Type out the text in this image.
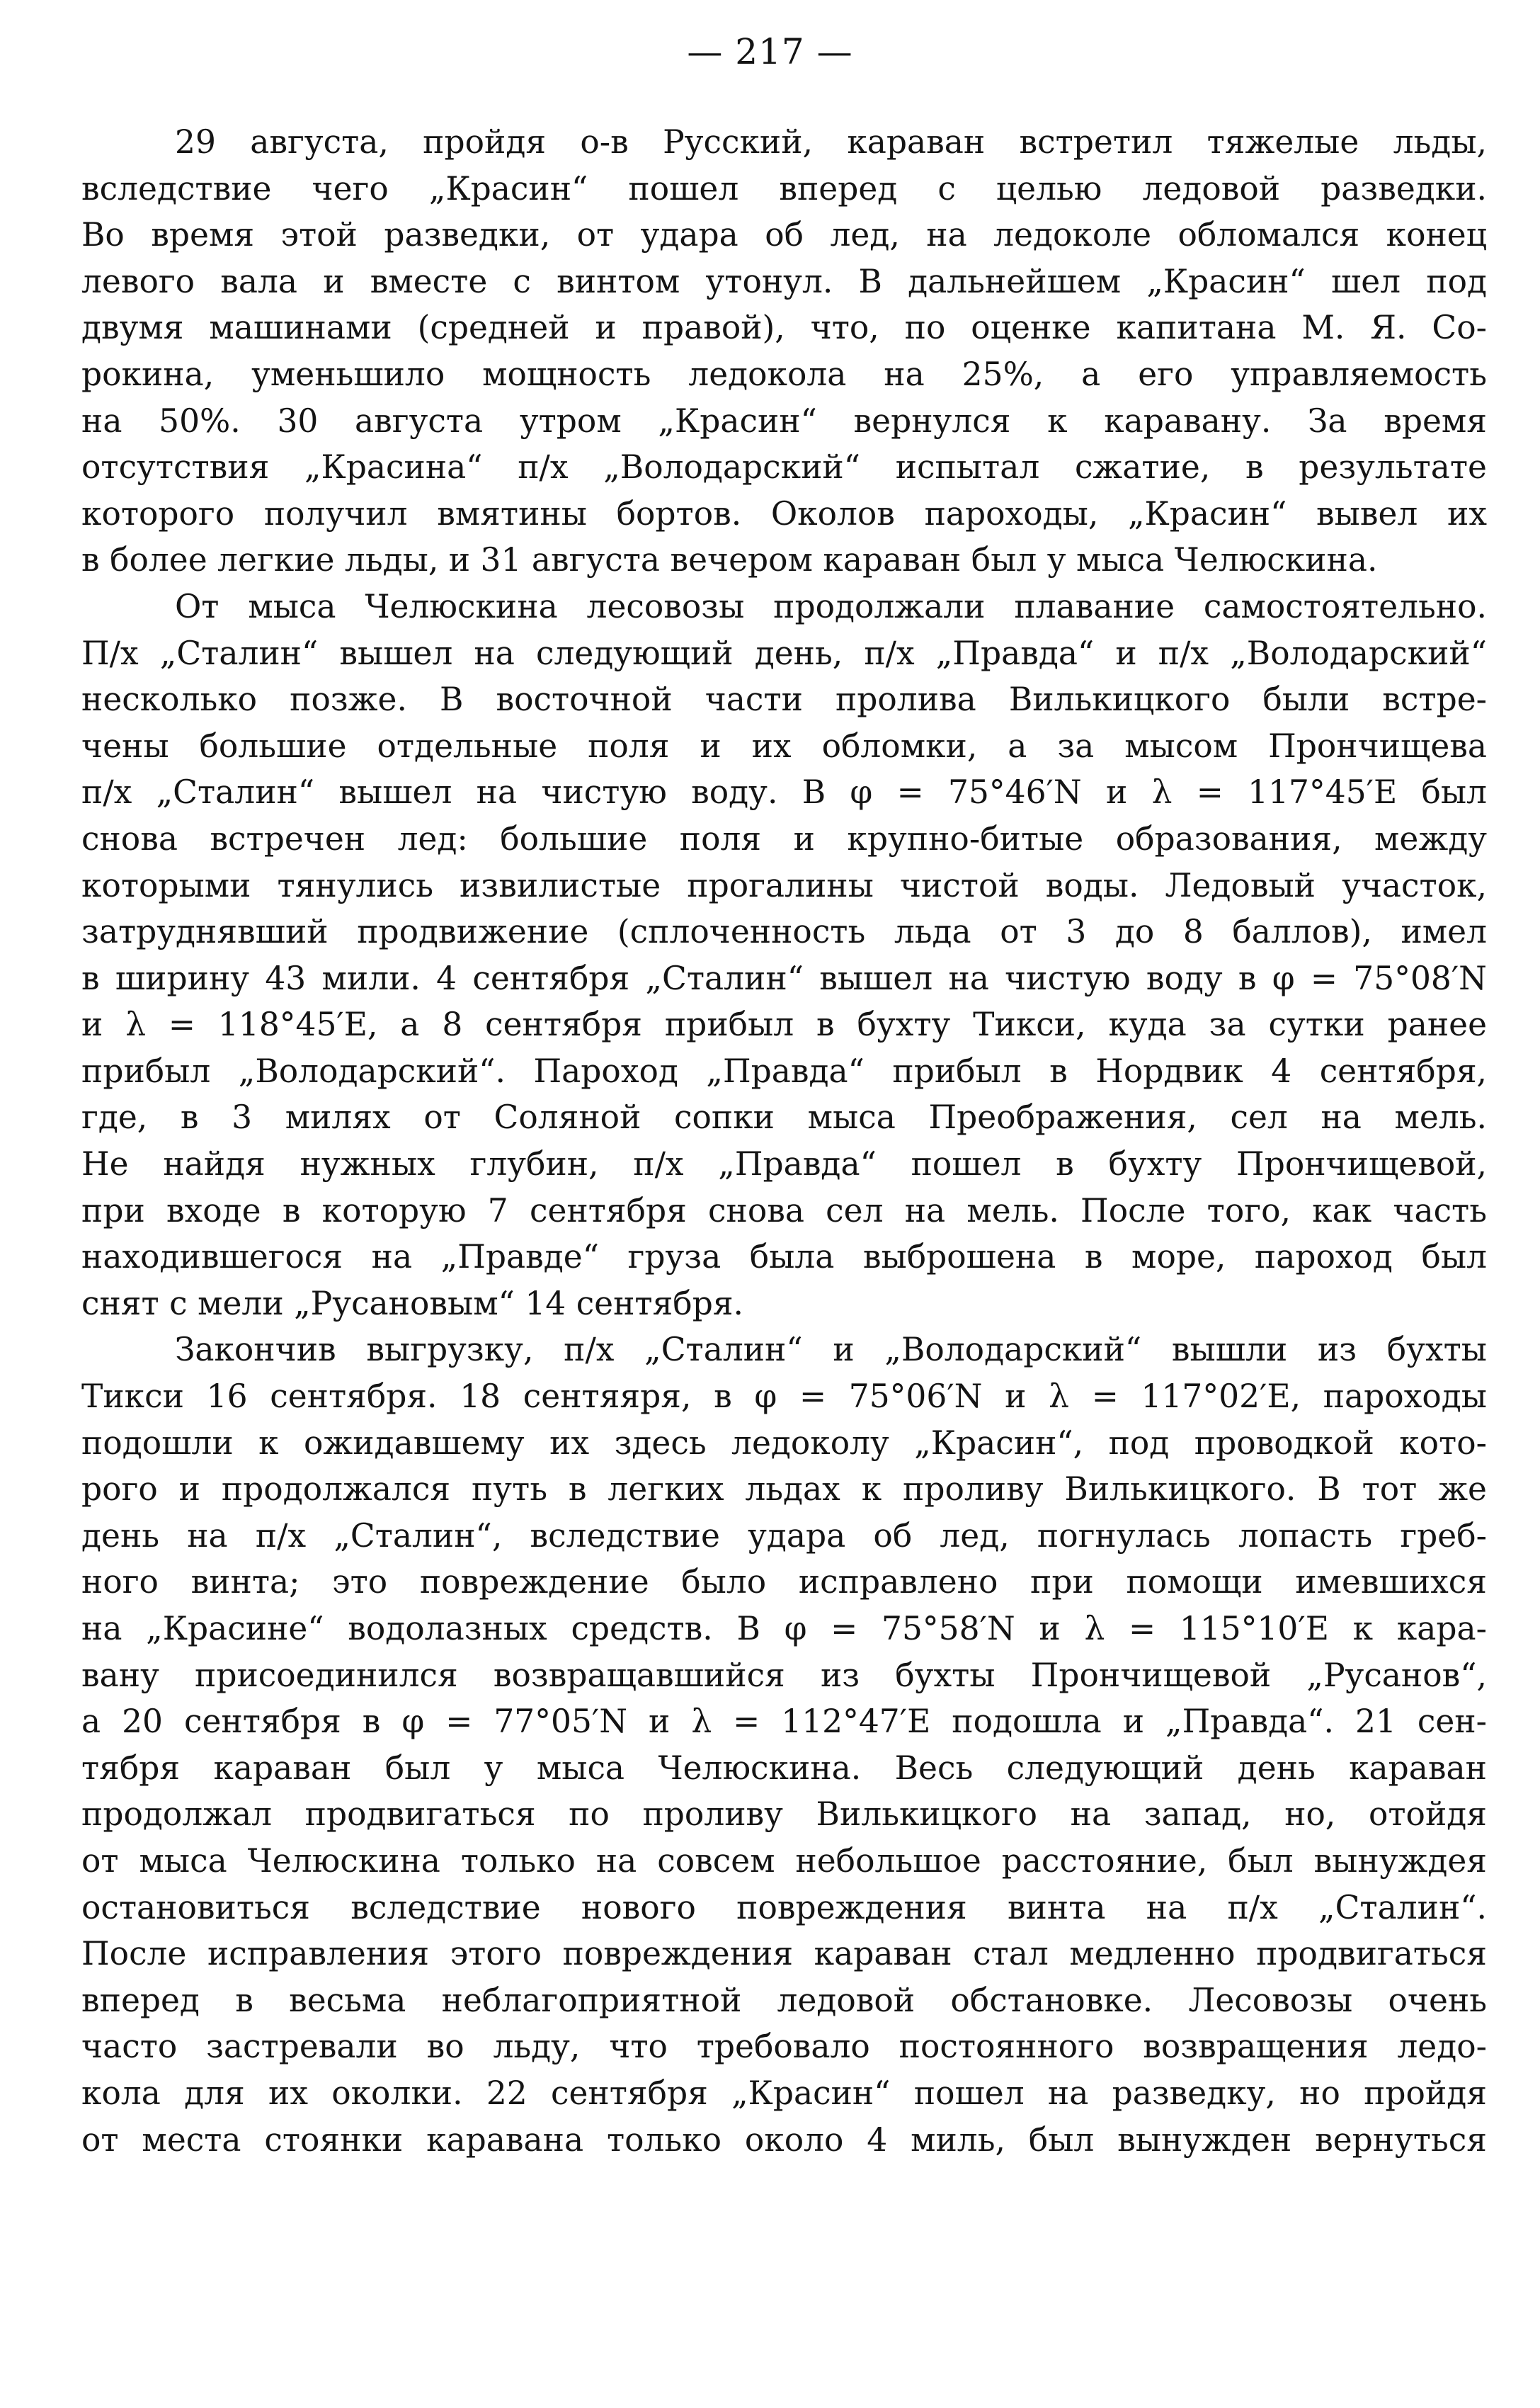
— 217 —
29 августа, пройдя о-в Русский, караван встретил тяжелые льды,
вследствие чего „Красин“ пошел вперед с целью ледовой разведки.
Во время этой разведки, от удара об лед, на ледоколе обломался конец
левого вала и вместе с винтом утонул. В дальнейшем „Красин“ шел под
двумя машинами (средней и правой), что, по оценке капитана М. Я. Со-
рокина, уменьшило мощность ледокола на 25%, а его управляемость
на 50%. 30 августа утром „Красин“ вернулся к каравану. За время
отсутствия „Красина“ п/х „Володарский“ испытал сжатие, в результате
которого получил вмятины бортов. Околов пароходы, „Красин“ вывел их
в более легкие льды, и 31 августа вечером караван был у мыса Челюскина.
От мыса Челюскина лесовозы продолжали плавание самостоятельно.
П/х „Сталин“ вышел на следующий день, п/х „Правда“ и п/х „Володарский“
несколько позже. В восточной части пролива Вилькицкого были встре-
чены большие отдельные поля и их обломки, а за мысом Прончищева
п/х „Сталин“ вышел на чистую воду. В φ = 75°46′N и λ = 117°45′E был
снова встречен лед: большие поля и крупно-битые образования, между
которыми тянулись извилистые прогалины чистой воды. Ледовый участок,
затруднявший продвижение (сплоченность льда от 3 до 8 баллов), имел
в ширину 43 мили. 4 сентября „Сталин“ вышел на чистую воду в φ = 75°08′N
и λ = 118°45′E, а 8 сентября прибыл в бухту Тикси, куда за сутки ранее
прибыл „Володарский“. Пароход „Правда“ прибыл в Нордвик 4 сентября,
где, в 3 милях от Соляной сопки мыса Преображения, сел на мель.
Не найдя нужных глубин, п/х „Правда“ пошел в бухту Прончищевой,
при входе в которую 7 сентября снова сел на мель. После того, как часть
находившегося на „Правде“ груза была выброшена в море, пароход был
снят с мели „Русановым“ 14 сентября.
Закончив выгрузку, п/х „Сталин“ и „Володарский“ вышли из бухты
Тикси 16 сентября. 18 сентяяря, в φ = 75°06′N и λ = 117°02′E, пароходы
подошли к ожидавшему их здесь ледоколу „Красин“, под проводкой кото-
рого и продолжался путь в легких льдах к проливу Вилькицкого. В тот же
день на п/х „Сталин“, вследствие удара об лед, погнулась лопасть греб-
ного винта; это повреждение было исправлено при помощи имевшихся
на „Красине“ водолазных средств. В φ = 75°58′N и λ = 115°10′E к кара-
вану присоединился возвращавшийся из бухты Прончищевой „Русанов“,
а 20 сентября в φ = 77°05′N и λ = 112°47′E подошла и „Правда“. 21 сен-
тября караван был у мыса Челюскина. Весь следующий день караван
продолжал продвигаться по проливу Вилькицкого на запад, но, отойдя
от мыса Челюскина только на совсем небольшое расстояние, был вынуждея
остановиться вследствие нового повреждения винта на п/х „Сталин“.
После исправления этого повреждения караван стал медленно продвигаться
вперед в весьма неблагоприятной ледовой обстановке. Лесовозы очень
часто застревали во льду, что требовало постоянного возвращения ледо-
кола для их околки. 22 сентября „Красин“ пошел на разведку, но пройдя
от места стоянки каравана только около 4 миль, был вынужден вернуться
